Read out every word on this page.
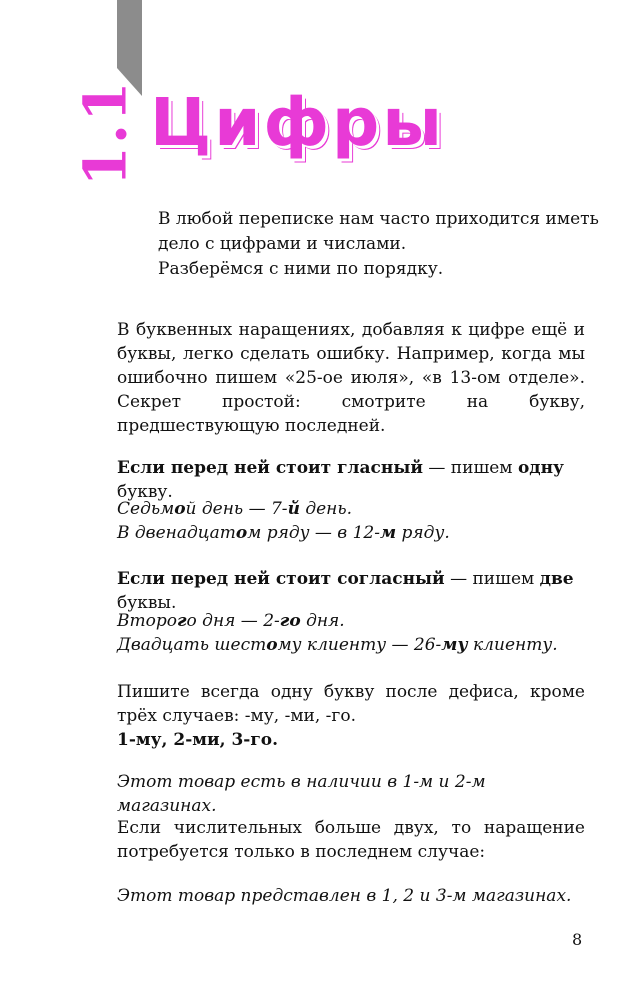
1.1 Цифры
В любой переписке нам часто приходится иметь
дело с цифрами и числами.
Разберёмся с ними по порядку.
В буквенных наращениях, добавляя к цифре ещё и буквы, легко сделать ошибку. Например, когда мы ошибочно пишем «25-ое июля», «в 13-ом отделе». Секрет простой: смотрите на букву, предшествующую последней.
Если перед ней стоит гласный — пишем одну букву.
Седьмой день — 7-й день.
В двенадцатом ряду — в 12-м ряду.
Если перед ней стоит согласный — пишем две буквы.
Второго дня — 2-го дня.
Двадцать шестому клиенту — 26-му клиенту.
Пишите всегда одну букву после дефиса, кроме трёх случаев: -му, -ми, -го.
1-му, 2-ми, 3-го.
Этот товар есть в наличии в 1-м и 2-м магазинах.
Если числительных больше двух, то наращение потребуется только в последнем случае:
Этот товар представлен в 1, 2 и 3-м магазинах.
8
